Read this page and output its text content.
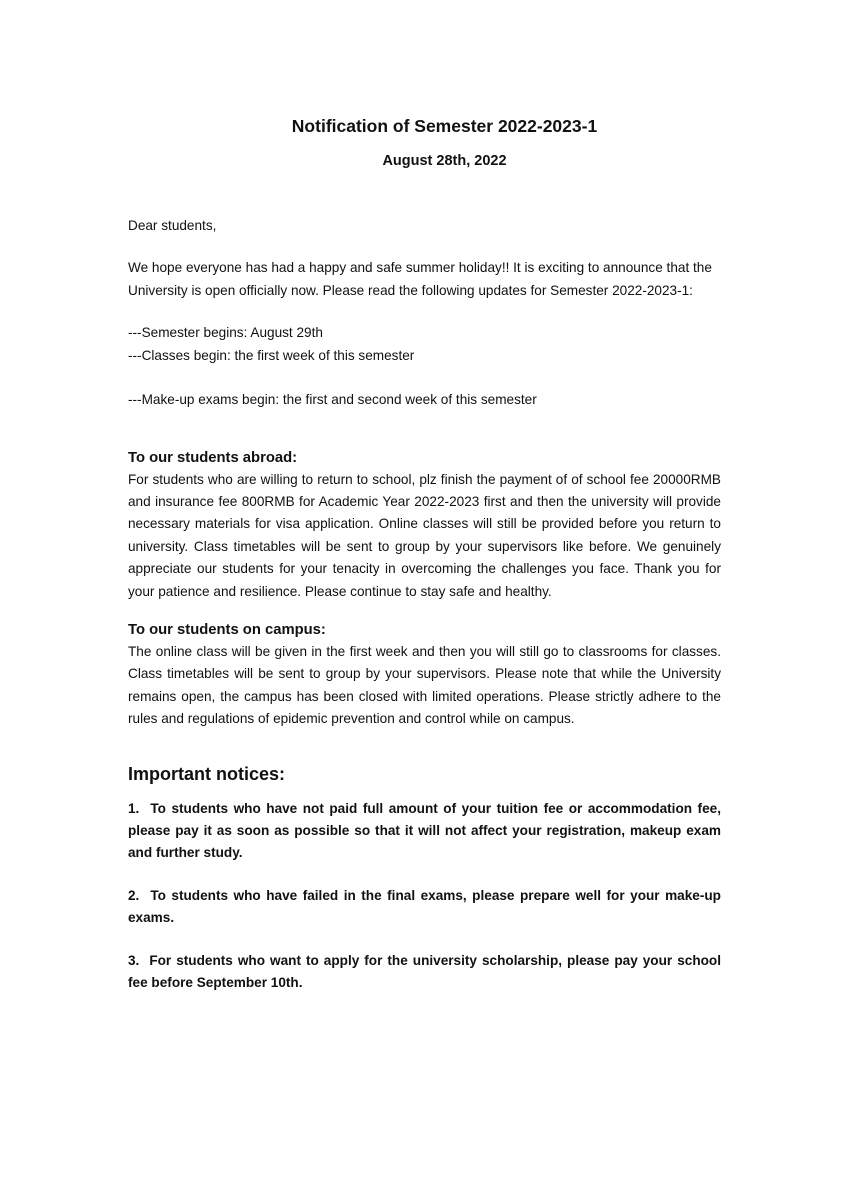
Notification of Semester 2022-2023-1
August 28th, 2022

Dear students,

We hope everyone has had a happy and safe summer holiday!! It is exciting to announce that the University is open officially now. Please read the following updates for Semester 2022-2023-1:

---Semester begins: August 29th
---Classes begin: the first week of this semester
---Make-up exams begin: the first and second week of this semester
To our students abroad:

For students who are willing to return to school, plz finish the payment of of school fee 20000RMB and insurance fee 800RMB for Academic Year 2022-2023 first and then the university will provide necessary materials for visa application. Online classes will still be provided before you return to university. Class timetables will be sent to group by your supervisors like before. We genuinely appreciate our students for your tenacity in overcoming the challenges you face. Thank you for your patience and resilience. Please continue to stay safe and healthy.

To our students on campus:

The online class will be given in the first week and then you will still go to classrooms for classes. Class timetables will be sent to group by your supervisors. Please note that while the University remains open, the campus has been closed with limited operations. Please strictly adhere to the rules and regulations of epidemic prevention and control while on campus.

Important notices:

1. To students who have not paid full amount of your tuition fee or accommodation fee, please pay it as soon as possible so that it will not affect your registration, makeup exam and further study.

2. To students who have failed in the final exams, please prepare well for your make-up exams.

3. For students who want to apply for the university scholarship, please pay your school fee before September 10th.
